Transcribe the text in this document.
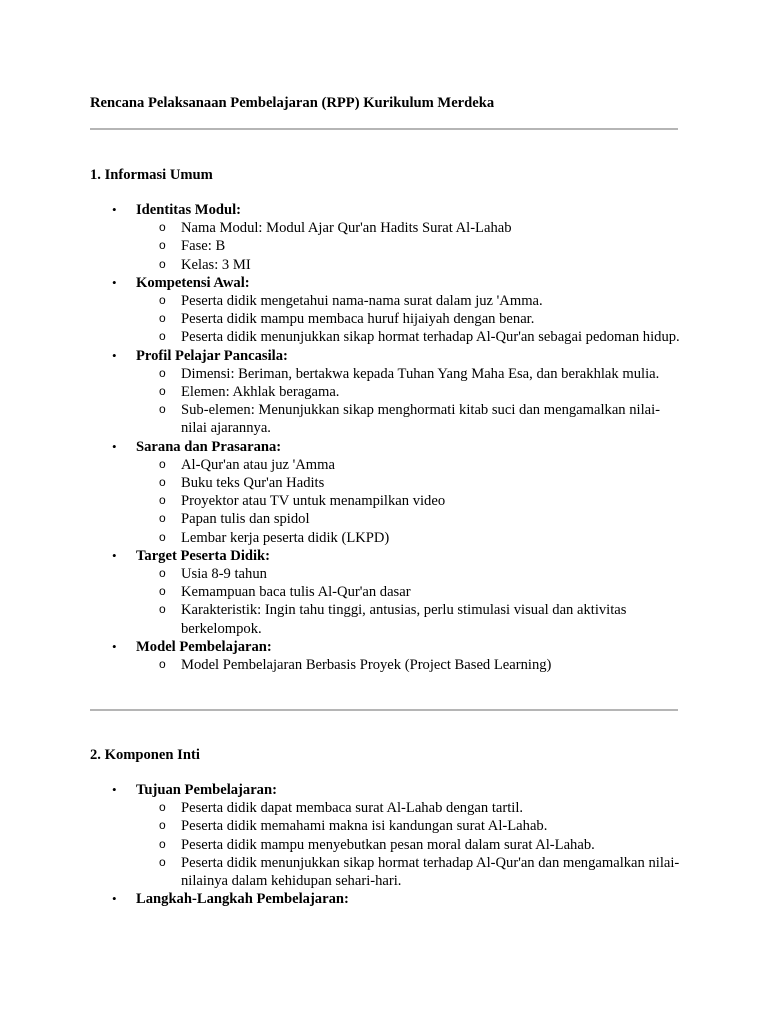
Rencana Pelaksanaan Pembelajaran (RPP) Kurikulum Merdeka
1. Informasi Umum
• Identitas Modul:
o Nama Modul: Modul Ajar Qur'an Hadits Surat Al-Lahab
o Fase: B
o Kelas: 3 MI
• Kompetensi Awal:
o Peserta didik mengetahui nama-nama surat dalam juz 'Amma.
o Peserta didik mampu membaca huruf hijaiyah dengan benar.
o Peserta didik menunjukkan sikap hormat terhadap Al-Qur'an sebagai pedoman hidup.
• Profil Pelajar Pancasila:
o Dimensi: Beriman, bertakwa kepada Tuhan Yang Maha Esa, dan berakhlak mulia.
o Elemen: Akhlak beragama.
o Sub-elemen: Menunjukkan sikap menghormati kitab suci dan mengamalkan nilai-nilai ajarannya.
• Sarana dan Prasarana:
o Al-Qur'an atau juz 'Amma
o Buku teks Qur'an Hadits
o Proyektor atau TV untuk menampilkan video
o Papan tulis dan spidol
o Lembar kerja peserta didik (LKPD)
• Target Peserta Didik:
o Usia 8-9 tahun
o Kemampuan baca tulis Al-Qur'an dasar
o Karakteristik: Ingin tahu tinggi, antusias, perlu stimulasi visual dan aktivitas berkelompok.
• Model Pembelajaran:
o Model Pembelajaran Berbasis Proyek (Project Based Learning)
2. Komponen Inti
• Tujuan Pembelajaran:
o Peserta didik dapat membaca surat Al-Lahab dengan tartil.
o Peserta didik memahami makna isi kandungan surat Al-Lahab.
o Peserta didik mampu menyebutkan pesan moral dalam surat Al-Lahab.
o Peserta didik menunjukkan sikap hormat terhadap Al-Qur'an dan mengamalkan nilai-nilainya dalam kehidupan sehari-hari.
• Langkah-Langkah Pembelajaran:
